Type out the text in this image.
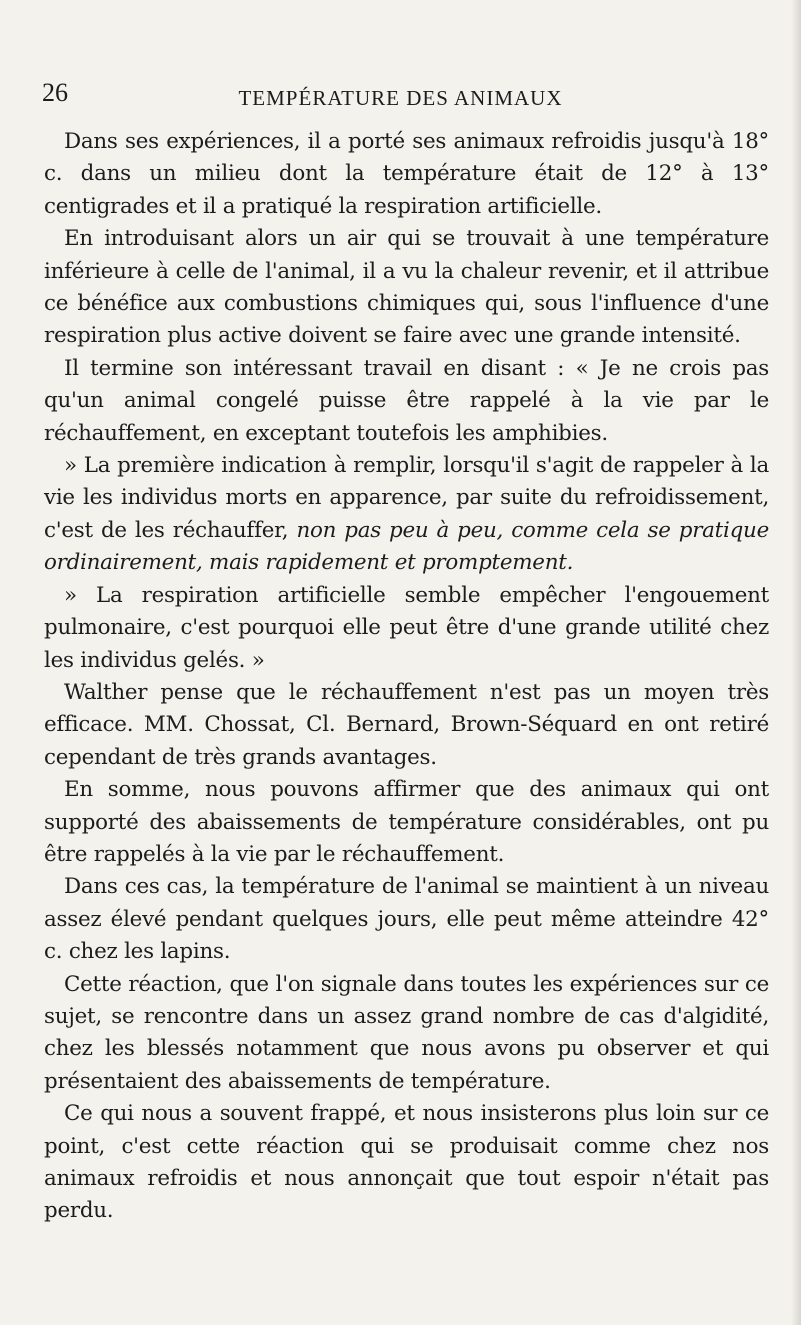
26	TEMPÉRATURE DES ANIMAUX

Dans ses expériences, il a porté ses animaux refroidis jusqu'à 18° c. dans un milieu dont la température était de 12° à 13° centigrades et il a pratiqué la respiration artificielle.

En introduisant alors un air qui se trouvait à une température inférieure à celle de l'animal, il a vu la chaleur revenir, et il attribue ce bénéfice aux combustions chimiques qui, sous l'influence d'une respiration plus active doivent se faire avec une grande intensité.

Il termine son intéressant travail en disant : « Je ne crois pas qu'un animal congelé puisse être rappelé à la vie par le réchauffement, en exceptant toutefois les amphibies.

» La première indication à remplir, lorsqu'il s'agit de rappeler à la vie les individus morts en apparence, par suite du refroidissement, c'est de les réchauffer, non pas peu à peu, comme cela se pratique ordinairement, mais rapidement et promptement.

» La respiration artificielle semble empêcher l'engouement pulmonaire, c'est pourquoi elle peut être d'une grande utilité chez les individus gelés. »

Walther pense que le réchauffement n'est pas un moyen très efficace. MM. Chossat, Cl. Bernard, Brown-Séquard en ont retiré cependant de très grands avantages.

En somme, nous pouvons affirmer que des animaux qui ont supporté des abaissements de température considérables, ont pu être rappelés à la vie par le réchauffement.

Dans ces cas, la température de l'animal se maintient à un niveau assez élevé pendant quelques jours, elle peut même atteindre 42° c. chez les lapins.

Cette réaction, que l'on signale dans toutes les expériences sur ce sujet, se rencontre dans un assez grand nombre de cas d'algidité, chez les blessés notamment que nous avons pu observer et qui présentaient des abaissements de température.

Ce qui nous a souvent frappé, et nous insisterons plus loin sur ce point, c'est cette réaction qui se produisait comme chez nos animaux refroidis et nous annonçait que tout espoir n'était pas perdu.
